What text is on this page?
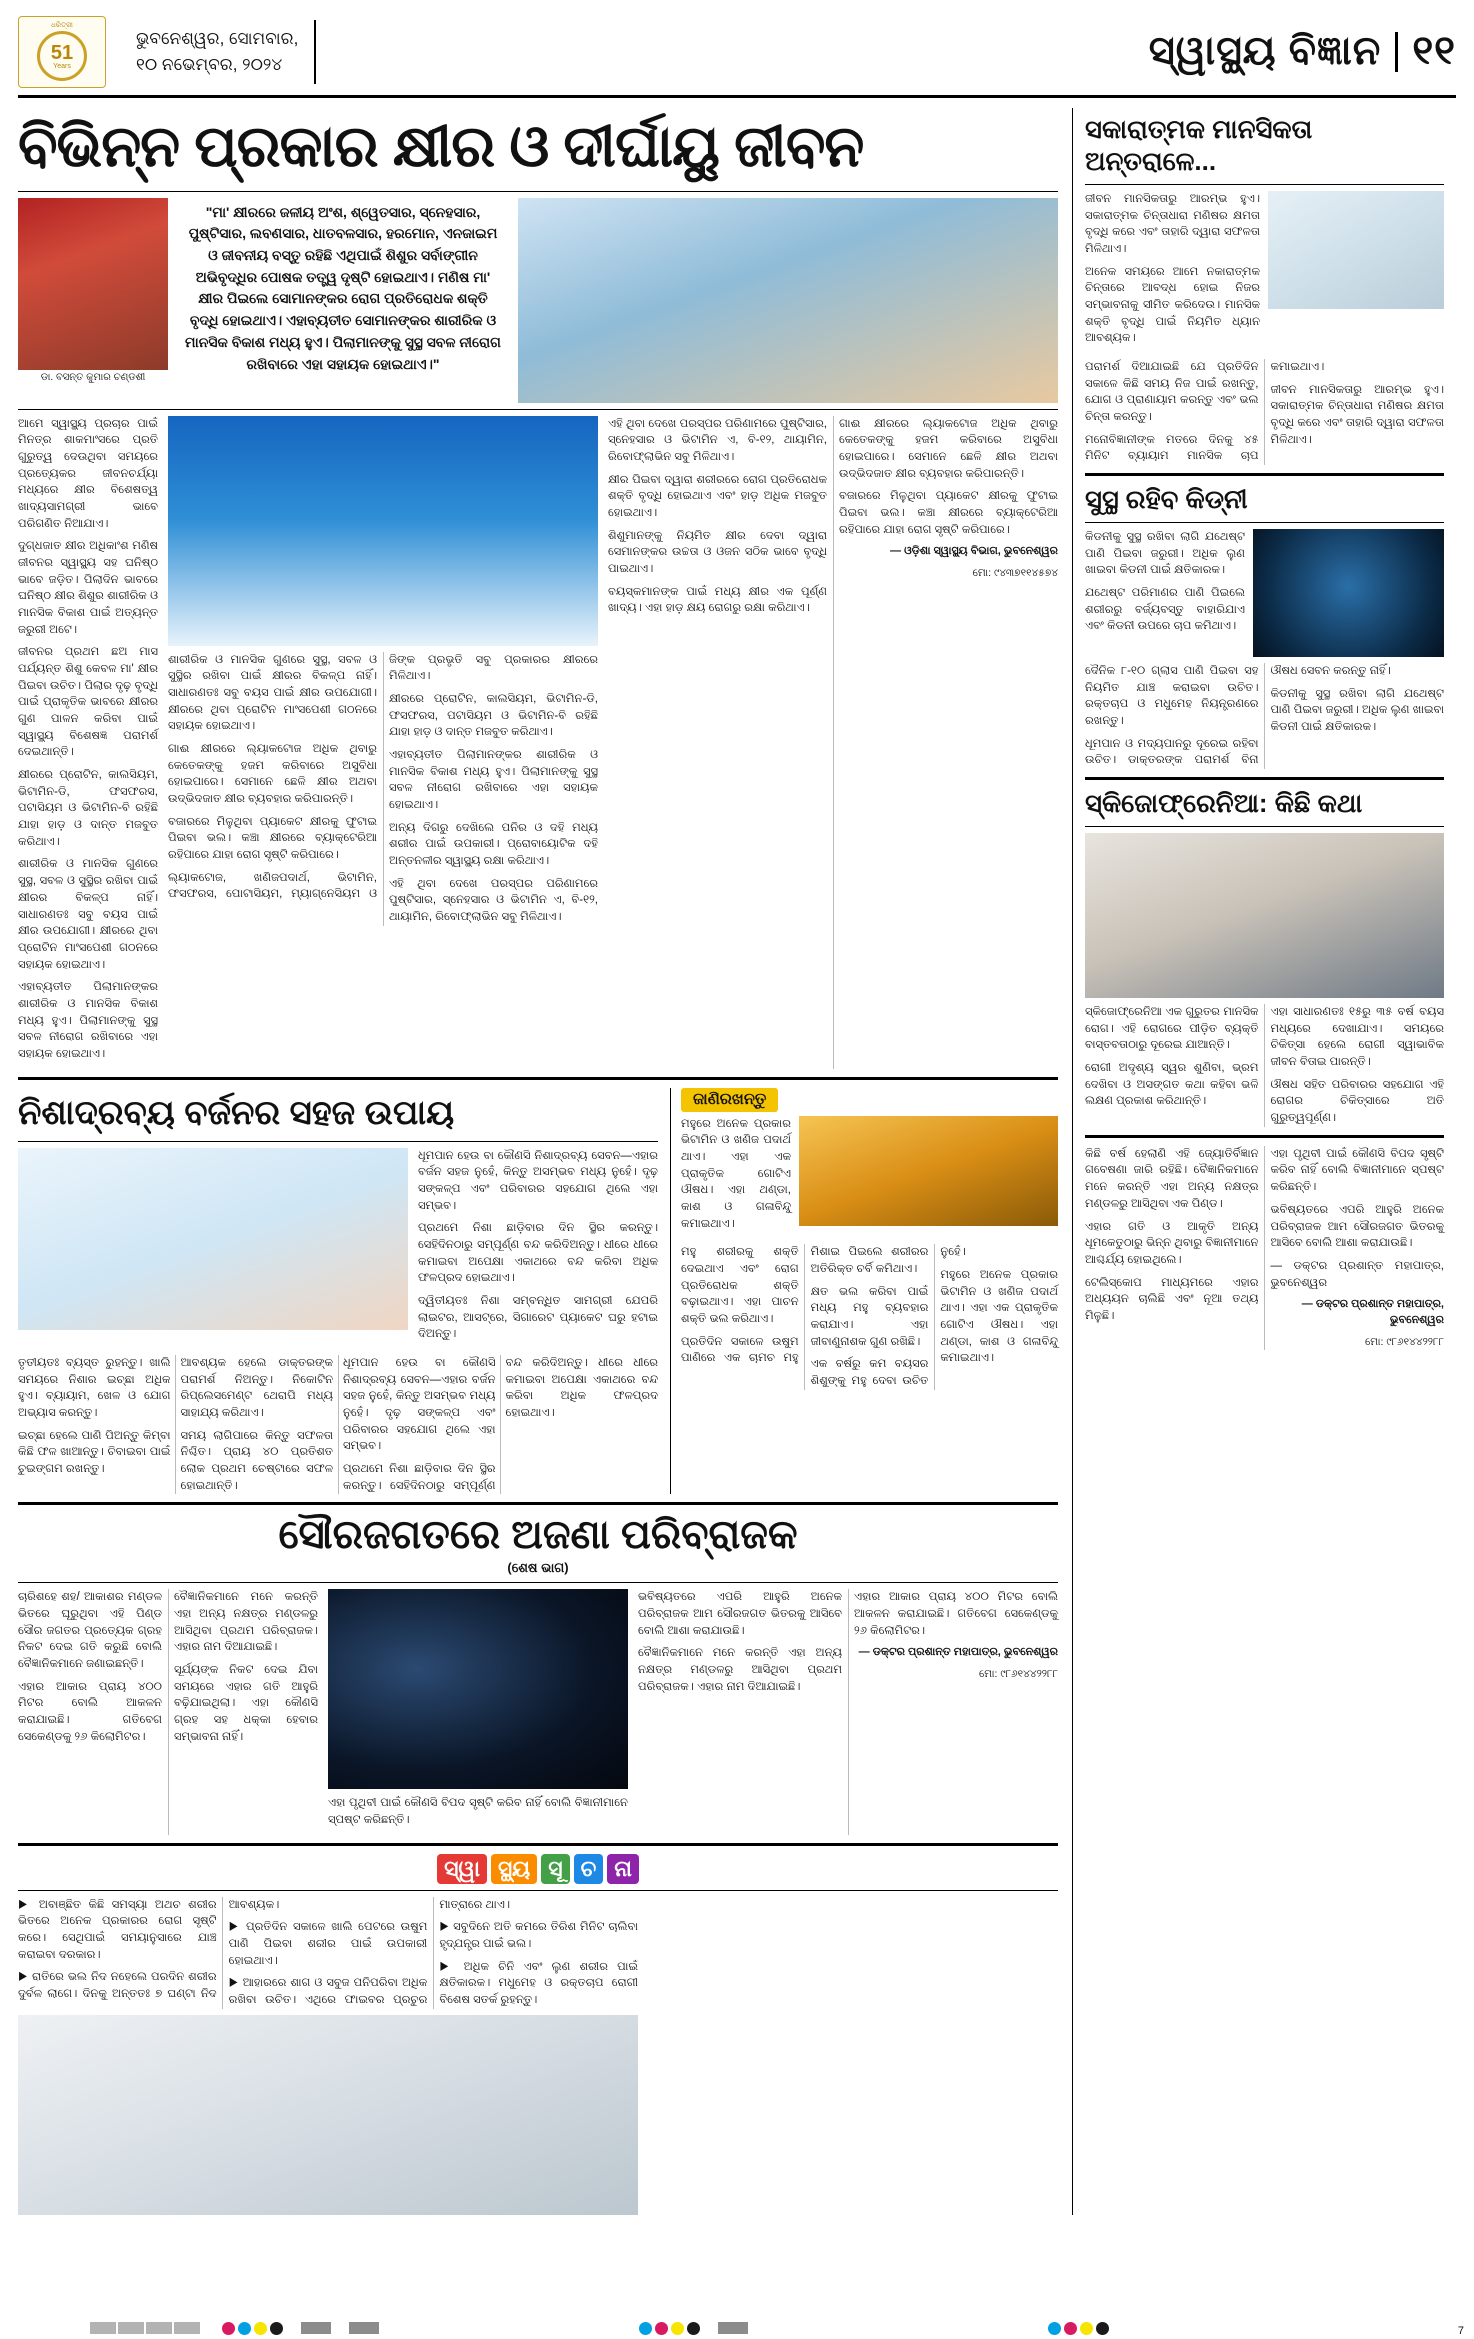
ଧରିତ୍ରୀ
51
Years
ଭୁବନେଶ୍ୱର, ସୋମବାର,
୧୦ ନଭେମ୍ବର, ୨୦୨୪	ସ୍ୱାସ୍ଥ୍ୟ ବିଜ୍ଞାନ ୧୧
ବିଭିନ୍ନ ପ୍ରକାର କ୍ଷୀର ଓ ଦୀର୍ଘାୟୁ ଜୀବନ
ଡା. ବସନ୍ତ କୁମାର ଚଣ୍ଡଶୀ
"ମା' କ୍ଷୀରରେ ଜଳୀୟ ଅଂଶ, ଶ୍ୱେତସାର, ସ୍ନେହସାର, ପୁଷ୍ଟିସାର, ଲବଣସାର, ଧାତବଳସାର, ହରମୋନ, ଏନଜାଇମ ଓ ଜୀବନୀୟ ବସ୍ତୁ ରହିଛି ଏଥିପାଇଁ ଶିଶୁର ସର୍ବାଙ୍ଗୀନ ଅଭିବୃଦ୍ଧିର ପୋଷକ ତତ୍ତ୍ୱ ଦୃଷ୍ଟି ହୋଇଥାଏ। ମଣିଷ ମା' କ୍ଷୀର ପିଇଲେ ସୋମାନଙ୍କର ରୋଗ ପ୍ରତିରୋଧକ ଶକ୍ତି ବୃଦ୍ଧି ହୋଇଥାଏ। ଏହାବ୍ୟତୀତ ସୋମାନଙ୍କର ଶାରୀରିକ ଓ ମାନସିକ ବିକାଶ ମଧ୍ୟ ହୁଏ। ପିଲାମାନଙ୍କୁ ସୁସ୍ଥ ସବଳ ନୀରୋଗ ରଖିବାରେ ଏହା ସହାୟକ ହୋଇଥାଏ।"

ଆମେ ସ୍ୱାସ୍ଥ୍ୟ ପ୍ରଚାର ପାଇଁ ମିନତ୍ର ଶାକମାଂସରେ ପ୍ରତି ଗୁରୁତ୍ୱ ଦେଉଥିବା ସମୟରେ ପ୍ରତ୍ୟେକର ଜୀବନଚର୍ଯ୍ୟା ମଧ୍ୟରେ କ୍ଷୀର ବିଶେଷତ୍ୱ ଖାଦ୍ୟସାମଗ୍ରୀ ଭାବେ ପରିଗଣିତ ନିଆଯାଏ।

ଦୁଗ୍ଧଜାତ କ୍ଷୀର ଅଧିକାଂଶ ମଣିଷ ଜୀବନର ସ୍ୱାସ୍ଥ୍ୟ ସହ ଘନିଷ୍ଠ ଭାବେ ଜଡ଼ିତ। ପିଲାଦିନ ଭାବରେ ଘନିଷ୍ଠ କ୍ଷୀର ଶିଶୁର ଶାରୀରିକ ଓ ମାନସିକ ବିକାଶ ପାଇଁ ଅତ୍ୟନ୍ତ ଜରୁରୀ ଅଟେ।

ଜୀବନର ପ୍ରଥମ ଛଅ ମାସ ପର୍ଯ୍ୟନ୍ତ ଶିଶୁ କେବଳ ମା' କ୍ଷୀର ପିଇବା ଉଚିତ। ପିଲାର ଦୃଢ଼ ବୃଦ୍ଧି ପାଇଁ ପ୍ରାକୃତିକ ଭାବରେ କ୍ଷୀରର ଗୁଣ ପାଳନ କରିବା ପାଇଁ ସ୍ୱାସ୍ଥ୍ୟ ବିଶେଷଜ୍ଞ ପରାମର୍ଶ ଦେଇଥାନ୍ତି।

କ୍ଷୀରରେ ପ୍ରୋଟିନ, କାଲସିୟମ, ଭିଟାମିନ-ଡି, ଫସଫରସ, ପଟାସିୟମ ଓ ଭିଟାମିନ-ବି ରହିଛି ଯାହା ହାଡ଼ ଓ ଦାନ୍ତ ମଜବୁତ କରିଥାଏ।

ଶାରୀରିକ ଓ ମାନସିକ ଗୁଣରେ ସୁସ୍ଥ, ସବଳ ଓ ସୁସ୍ଥିର ରଖିବା ପାଇଁ କ୍ଷୀରର ବିକଳ୍ପ ନାହିଁ। ସାଧାରଣତଃ ସବୁ ବୟସ ପାଇଁ କ୍ଷୀର ଉପଯୋଗୀ। କ୍ଷୀରରେ ଥିବା ପ୍ରୋଟିନ ମାଂସପେଶୀ ଗଠନରେ ସହାୟକ ହୋଇଥାଏ।

ଏହାବ୍ୟତୀତ ପିଲାମାନଙ୍କର ଶାରୀରିକ ଓ ମାନସିକ ବିକାଶ ମଧ୍ୟ ହୁଏ। ପିଲାମାନଙ୍କୁ ସୁସ୍ଥ ସବଳ ନୀରୋଗ ରଖିବାରେ ଏହା ସହାୟକ ହୋଇଥାଏ।

ଶାରୀରିକ ଓ ମାନସିକ ଗୁଣରେ ସୁସ୍ଥ, ସବଳ ଓ ସୁସ୍ଥିର ରଖିବା ପାଇଁ କ୍ଷୀରର ବିକଳ୍ପ ନାହିଁ। ସାଧାରଣତଃ ସବୁ ବୟସ ପାଇଁ କ୍ଷୀର ଉପଯୋଗୀ। କ୍ଷୀରରେ ଥିବା ପ୍ରୋଟିନ ମାଂସପେଶୀ ଗଠନରେ ସହାୟକ ହୋଇଥାଏ।

ଗାଈ କ୍ଷୀରରେ ଲ୍ୟାକଟୋଜ ଅଧିକ ଥିବାରୁ କେତେକଙ୍କୁ ହଜମ କରିବାରେ ଅସୁବିଧା ହୋଇପାରେ। ସେମାନେ ଛେଳି କ୍ଷୀର ଅଥବା ଉଦ୍ଭିଦଜାତ କ୍ଷୀର ବ୍ୟବହାର କରିପାରନ୍ତି।

ବଜାରରେ ମିଳୁଥିବା ପ୍ୟାକେଟ କ୍ଷୀରକୁ ଫୁଟାଇ ପିଇବା ଭଲ। କଞ୍ଚା କ୍ଷୀରରେ ବ୍ୟାକ୍ଟେରିଆ ରହିପାରେ ଯାହା ରୋଗ ସୃଷ୍ଟି କରିପାରେ।

ଲ୍ୟାକଟୋଜ, ଖଣିଜପଦାର୍ଥ, ଭିଟାମିନ, ଫସଫରସ, ପୋଟାସିୟମ, ମ୍ୟାଗ୍ନେସିୟମ ଓ ଜିଙ୍କ ପ୍ରଭୃତି ସବୁ ପ୍ରକାରର କ୍ଷୀରରେ ମିଳିଥାଏ।

କ୍ଷୀରରେ ପ୍ରୋଟିନ, କାଲସିୟମ, ଭିଟାମିନ-ଡି, ଫସଫରସ, ପଟାସିୟମ ଓ ଭିଟାମିନ-ବି ରହିଛି ଯାହା ହାଡ଼ ଓ ଦାନ୍ତ ମଜବୁତ କରିଥାଏ।

ଏହାବ୍ୟତୀତ ପିଲାମାନଙ୍କର ଶାରୀରିକ ଓ ମାନସିକ ବିକାଶ ମଧ୍ୟ ହୁଏ। ପିଲାମାନଙ୍କୁ ସୁସ୍ଥ ସବଳ ନୀରୋଗ ରଖିବାରେ ଏହା ସହାୟକ ହୋଇଥାଏ।

ଅନ୍ୟ ଦିଗରୁ ଦେଖିଲେ ପନିର ଓ ଦହି ମଧ୍ୟ ଶରୀର ପାଇଁ ଉପକାରୀ। ପ୍ରୋବାୟୋଟିକ ଦହି ଅନ୍ତନଳୀର ସ୍ୱାସ୍ଥ୍ୟ ରକ୍ଷା କରିଥାଏ।

ଏହି ଥିବା ଦେଖେ ପରସ୍ପର ପରିଣାମରେ ପୁଷ୍ଟିସାର, ସ୍ନେହସାର ଓ ଭିଟାମିନ ଏ, ବି-୧୨, ଥାୟାମିନ, ରିବୋଫ୍ଲାଭିନ ସବୁ ମିଳିଥାଏ।

ଏହି ଥିବା ଦେଖେ ପରସ୍ପର ପରିଣାମରେ ପୁଷ୍ଟିସାର, ସ୍ନେହସାର ଓ ଭିଟାମିନ ଏ, ବି-୧୨, ଥାୟାମିନ, ରିବୋଫ୍ଲାଭିନ ସବୁ ମିଳିଥାଏ।

କ୍ଷୀର ପିଇବା ଦ୍ୱାରା ଶରୀରରେ ରୋଗ ପ୍ରତିରୋଧକ ଶକ୍ତି ବୃଦ୍ଧି ହୋଇଥାଏ ଏବଂ ହାଡ଼ ଅଧିକ ମଜବୁତ ହୋଇଥାଏ।

ଶିଶୁମାନଙ୍କୁ ନିୟମିତ କ୍ଷୀର ଦେବା ଦ୍ୱାରା ସେମାନଙ୍କର ଉଚ୍ଚତା ଓ ଓଜନ ସଠିକ ଭାବେ ବୃଦ୍ଧି ପାଇଥାଏ।

ବୟସ୍କମାନଙ୍କ ପାଇଁ ମଧ୍ୟ କ୍ଷୀର ଏକ ପୂର୍ଣ୍ଣ ଖାଦ୍ୟ। ଏହା ହାଡ଼ କ୍ଷୟ ରୋଗରୁ ରକ୍ଷା କରିଥାଏ।

ଗାଈ କ୍ଷୀରରେ ଲ୍ୟାକଟୋଜ ଅଧିକ ଥିବାରୁ କେତେକଙ୍କୁ ହଜମ କରିବାରେ ଅସୁବିଧା ହୋଇପାରେ। ସେମାନେ ଛେଳି କ୍ଷୀର ଅଥବା ଉଦ୍ଭିଦଜାତ କ୍ଷୀର ବ୍ୟବହାର କରିପାରନ୍ତି।

ବଜାରରେ ମିଳୁଥିବା ପ୍ୟାକେଟ କ୍ଷୀରକୁ ଫୁଟାଇ ପିଇବା ଭଲ। କଞ୍ଚା କ୍ଷୀରରେ ବ୍ୟାକ୍ଟେରିଆ ରହିପାରେ ଯାହା ରୋଗ ସୃଷ୍ଟି କରିପାରେ।

— ଓଡ଼ିଶା ସ୍ୱାସ୍ଥ୍ୟ ବିଭାଗ, ଭୁବନେଶ୍ୱର

ମୋ: ୯୪୩୭୧୧୪୫୭୪

ନିଶାଦ୍ରବ୍ୟ ବର୍ଜନର ସହଜ ଉପାୟ

ଧୂମପାନ ହେଉ ବା କୌଣସି ନିଶାଦ୍ରବ୍ୟ ସେବନ—ଏହାର ବର୍ଜନ ସହଜ ନୁହେଁ, କିନ୍ତୁ ଅସମ୍ଭବ ମଧ୍ୟ ନୁହେଁ। ଦୃଢ଼ ସଙ୍କଳ୍ପ ଏବଂ ପରିବାରର ସହଯୋଗ ଥିଲେ ଏହା ସମ୍ଭବ।

ପ୍ରଥମେ ନିଶା ଛାଡ଼ିବାର ଦିନ ସ୍ଥିର କରନ୍ତୁ। ସେହିଦିନଠାରୁ ସମ୍ପୂର୍ଣ୍ଣ ବନ୍ଦ କରିଦିଅନ୍ତୁ। ଧୀରେ ଧୀରେ କମାଇବା ଅପେକ୍ଷା ଏକାଥରେ ବନ୍ଦ କରିବା ଅଧିକ ଫଳପ୍ରଦ ହୋଇଥାଏ।

ଦ୍ୱିତୀୟତଃ ନିଶା ସମ୍ବନ୍ଧିତ ସାମଗ୍ରୀ ଯେପରି ଲାଇଟର, ଆସଟ୍ରେ, ସିଗାରେଟ ପ୍ୟାକେଟ ଘରୁ ହଟାଇ ଦିଅନ୍ତୁ।

ତୃତୀୟତଃ ବ୍ୟସ୍ତ ରୁହନ୍ତୁ। ଖାଲି ସମୟରେ ନିଶାର ଇଚ୍ଛା ଅଧିକ ହୁଏ। ବ୍ୟାୟାମ, ଖେଳ ଓ ଯୋଗ ଅଭ୍ୟାସ କରନ୍ତୁ।

ଇଚ୍ଛା ହେଲେ ପାଣି ପିଅନ୍ତୁ କିମ୍ବା କିଛି ଫଳ ଖାଆନ୍ତୁ। ଚିବାଇବା ପାଇଁ ଚୁଇଙ୍ଗମ ରଖନ୍ତୁ।

ଆବଶ୍ୟକ ହେଲେ ଡାକ୍ତରଙ୍କ ପରାମର୍ଶ ନିଅନ୍ତୁ। ନିକୋଟିନ ରିପ୍ଲେସମେଣ୍ଟ ଥେରାପି ମଧ୍ୟ ସାହାଯ୍ୟ କରିଥାଏ।

ସମୟ ଲାଗିପାରେ କିନ୍ତୁ ସଫଳତା ନିଶ୍ଚିତ। ପ୍ରାୟ ୪୦ ପ୍ରତିଶତ ଲୋକ ପ୍ରଥମ ଚେଷ୍ଟାରେ ସଫଳ ହୋଇଥାନ୍ତି।

ଧୂମପାନ ହେଉ ବା କୌଣସି ନିଶାଦ୍ରବ୍ୟ ସେବନ—ଏହାର ବର୍ଜନ ସହଜ ନୁହେଁ, କିନ୍ତୁ ଅସମ୍ଭବ ମଧ୍ୟ ନୁହେଁ। ଦୃଢ଼ ସଙ୍କଳ୍ପ ଏବଂ ପରିବାରର ସହଯୋଗ ଥିଲେ ଏହା ସମ୍ଭବ।

ପ୍ରଥମେ ନିଶା ଛାଡ଼ିବାର ଦିନ ସ୍ଥିର କରନ୍ତୁ। ସେହିଦିନଠାରୁ ସମ୍ପୂର୍ଣ୍ଣ ବନ୍ଦ କରିଦିଅନ୍ତୁ। ଧୀରେ ଧୀରେ କମାଇବା ଅପେକ୍ଷା ଏକାଥରେ ବନ୍ଦ କରିବା ଅଧିକ ଫଳପ୍ରଦ ହୋଇଥାଏ।

ଜାଣିରଖନ୍ତୁ

ମହୁରେ ଅନେକ ପ୍ରକାର ଭିଟାମିନ ଓ ଖଣିଜ ପଦାର୍ଥ ଥାଏ। ଏହା ଏକ ପ୍ରାକୃତିକ ଗୋଟିଏ ଔଷଧ। ଏହା ଥଣ୍ଡା, କାଶ ଓ ଗଳାବିନ୍ଦୁ କମାଇଥାଏ।

ମହୁ ଶରୀରକୁ ଶକ୍ତି ଦେଇଥାଏ ଏବଂ ରୋଗ ପ୍ରତିରୋଧକ ଶକ୍ତି ବଢ଼ାଇଥାଏ। ଏହା ପାଚନ ଶକ୍ତି ଭଲ କରିଥାଏ।

ପ୍ରତିଦିନ ସକାଳେ ଉଷୁମ ପାଣିରେ ଏକ ଚାମଚ ମହୁ ମିଶାଇ ପିଇଲେ ଶରୀରର ଅତିରିକ୍ତ ଚର୍ବି କମିଥାଏ।

କ୍ଷତ ଭଲ କରିବା ପାଇଁ ମଧ୍ୟ ମହୁ ବ୍ୟବହାର କରାଯାଏ। ଏହା ଜୀବାଣୁନାଶକ ଗୁଣ ରଖିଛି।

ଏକ ବର୍ଷରୁ କମ ବୟସର ଶିଶୁଙ୍କୁ ମହୁ ଦେବା ଉଚିତ ନୁହେଁ।

ମହୁରେ ଅନେକ ପ୍ରକାର ଭିଟାମିନ ଓ ଖଣିଜ ପଦାର୍ଥ ଥାଏ। ଏହା ଏକ ପ୍ରାକୃତିକ ଗୋଟିଏ ଔଷଧ। ଏହା ଥଣ୍ଡା, କାଶ ଓ ଗଳାବିନ୍ଦୁ କମାଇଥାଏ।

ସୌରଜଗତରେ ଅଜଣା ପରିବ୍ରାଜକ
(ଶେଷ ଭାଗ)

ଚାରିଶହେ ଶହ/ ଆକାଶର ମଣ୍ଡଳ ଭିତରେ ଘୂରୁଥିବା ଏହି ପିଣ୍ଡ ସୌର ଜଗତର ପ୍ରତ୍ୟେକ ଗ୍ରହ ନିକଟ ଦେଇ ଗତି କରୁଛି ବୋଲି ବୈଜ୍ଞାନିକମାନେ ଜଣାଇଛନ୍ତି।

ଏହାର ଆକାର ପ୍ରାୟ ୪୦୦ ମିଟର ବୋଲି ଆକଳନ କରାଯାଇଛି। ଗତିବେଗ ସେକେଣ୍ଡକୁ ୨୬ କିଲୋମିଟର।

ବୈଜ୍ଞାନିକମାନେ ମନେ କରନ୍ତି ଏହା ଅନ୍ୟ ନକ୍ଷତ୍ର ମଣ୍ଡଳରୁ ଆସିଥିବା ପ୍ରଥମ ପରିବ୍ରାଜକ। ଏହାର ନାମ ଦିଆଯାଇଛି।

ସୂର୍ଯ୍ୟଙ୍କ ନିକଟ ଦେଇ ଯିବା ସମୟରେ ଏହାର ଗତି ଆହୁରି ବଢ଼ିଯାଇଥିଲା। ଏହା କୌଣସି ଗ୍ରହ ସହ ଧକ୍କା ହେବାର ସମ୍ଭାବନା ନାହିଁ।

ଏହା ପୃଥିବୀ ପାଇଁ କୌଣସି ବିପଦ ସୃଷ୍ଟି କରିବ ନାହିଁ ବୋଲି ବିଜ୍ଞାନୀମାନେ ସ୍ପଷ୍ଟ କରିଛନ୍ତି।

ଭବିଷ୍ୟତରେ ଏପରି ଆହୁରି ଅନେକ ପରିବ୍ରାଜକ ଆମ ସୌରଜଗତ ଭିତରକୁ ଆସିବେ ବୋଲି ଆଶା କରାଯାଉଛି।

ବୈଜ୍ଞାନିକମାନେ ମନେ କରନ୍ତି ଏହା ଅନ୍ୟ ନକ୍ଷତ୍ର ମଣ୍ଡଳରୁ ଆସିଥିବା ପ୍ରଥମ ପରିବ୍ରାଜକ। ଏହାର ନାମ ଦିଆଯାଇଛି।

ଏହାର ଆକାର ପ୍ରାୟ ୪୦୦ ମିଟର ବୋଲି ଆକଳନ କରାଯାଇଛି। ଗତିବେଗ ସେକେଣ୍ଡକୁ ୨୬ କିଲୋମିଟର।

— ଡକ୍ଟର ପ୍ରଶାନ୍ତ ମହାପାତ୍ର, ଭୁବନେଶ୍ୱର

ମୋ: ୯୮୬୧୪୪୨୨୮୮

ସ୍ୱା ସ୍ଥ୍ୟ ସୂ ଚ ନା

▶ ଅବାଞ୍ଛିତ କିଛି ସମସ୍ୟା ଅଥଚ ଶରୀର ଭିତରେ ଅନେକ ପ୍ରକାରର ରୋଗ ସୃଷ୍ଟି କରେ। ସେଥିପାଇଁ ସମୟାନୁସାରେ ଯାଞ୍ଚ କରାଇବା ଦରକାର।

▶ ରାତିରେ ଭଲ ନିଦ ନହେଲେ ପରଦିନ ଶରୀର ଦୁର୍ବଳ ଲାଗେ। ଦିନକୁ ଅନ୍ତତଃ ୭ ଘଣ୍ଟା ନିଦ ଆବଶ୍ୟକ।

▶ ପ୍ରତିଦିନ ସକାଳେ ଖାଲି ପେଟରେ ଉଷୁମ ପାଣି ପିଇବା ଶରୀର ପାଇଁ ଉପକାରୀ ହୋଇଥାଏ।

▶ ଆହାରରେ ଶାଗ ଓ ସବୁଜ ପନିପରିବା ଅଧିକ ରଖିବା ଉଚିତ। ଏଥିରେ ଫାଇବର ପ୍ରଚୁର ମାତ୍ରାରେ ଥାଏ।

▶ ସବୁଦିନେ ଅତି କମରେ ତିରିଶ ମିନିଟ ଚାଲିବା ହୃଦ୍‌ଯନ୍ତ୍ର ପାଇଁ ଭଲ।

▶ ଅଧିକ ଚିନି ଏବଂ ଲୁଣ ଶରୀର ପାଇଁ କ୍ଷତିକାରକ। ମଧୁମେହ ଓ ରକ୍ତଚାପ ରୋଗୀ ବିଶେଷ ସତର୍କ ରୁହନ୍ତୁ।

ସକାରାତ୍ମକ ମାନସିକତା ଅନ୍ତରାଳେ...

ଜୀବନ ମାନସିକତାରୁ ଆରମ୍ଭ ହୁଏ। ସକାରାତ୍ମକ ଚିନ୍ତାଧାରା ମଣିଷର କ୍ଷମତା ବୃଦ୍ଧି କରେ ଏବଂ ତାହାରି ଦ୍ୱାରା ସଫଳତା ମିଳିଥାଏ।

ଅନେକ ସମୟରେ ଆମେ ନକାରାତ୍ମକ ଚିନ୍ତାରେ ଆବଦ୍ଧ ହୋଇ ନିଜର ସମ୍ଭାବନାକୁ ସୀମିତ କରିଦେଉ। ମାନସିକ ଶକ୍ତି ବୃଦ୍ଧି ପାଇଁ ନିୟମିତ ଧ୍ୟାନ ଆବଶ୍ୟକ।

ପରାମର୍ଶ ଦିଆଯାଇଛି ଯେ ପ୍ରତିଦିନ ସକାଳେ କିଛି ସମୟ ନିଜ ପାଇଁ ରଖନ୍ତୁ, ଯୋଗ ଓ ପ୍ରାଣାୟାମ କରନ୍ତୁ ଏବଂ ଭଲ ଚିନ୍ତା କରନ୍ତୁ।

ମନୋବିଜ୍ଞାନୀଙ୍କ ମତରେ ଦିନକୁ ୪୫ ମିନିଟ ବ୍ୟାୟାମ ମାନସିକ ଚାପ କମାଇଥାଏ।

ଜୀବନ ମାନସିକତାରୁ ଆରମ୍ଭ ହୁଏ। ସକାରାତ୍ମକ ଚିନ୍ତାଧାରା ମଣିଷର କ୍ଷମତା ବୃଦ୍ଧି କରେ ଏବଂ ତାହାରି ଦ୍ୱାରା ସଫଳତା ମିଳିଥାଏ।

ସୁସ୍ଥ ରହିବ କିଡ୍‌ନୀ

କିଡନୀକୁ ସୁସ୍ଥ ରଖିବା ଲାଗି ଯଥେଷ୍ଟ ପାଣି ପିଇବା ଜରୁରୀ। ଅଧିକ ଲୁଣ ଖାଇବା କିଡନୀ ପାଇଁ କ୍ଷତିକାରକ।

ଯଥେଷ୍ଟ ପରିମାଣର ପାଣି ପିଇଲେ ଶରୀରରୁ ବର୍ଜ୍ୟବସ୍ତୁ ବାହାରିଯାଏ ଏବଂ କିଡନୀ ଉପରେ ଚାପ କମିଥାଏ।

ଦୈନିକ ୮-୧୦ ଗ୍ଲାସ ପାଣି ପିଇବା ସହ ନିୟମିତ ଯାଞ୍ଚ କରାଇବା ଉଚିତ। ରକ୍ତଚାପ ଓ ମଧୁମେହ ନିୟନ୍ତ୍ରଣରେ ରଖନ୍ତୁ।

ଧୂମପାନ ଓ ମଦ୍ୟପାନରୁ ଦୂରେଇ ରହିବା ଉଚିତ। ଡାକ୍ତରଙ୍କ ପରାମର୍ଶ ବିନା ଔଷଧ ସେବନ କରନ୍ତୁ ନାହିଁ।

କିଡନୀକୁ ସୁସ୍ଥ ରଖିବା ଲାଗି ଯଥେଷ୍ଟ ପାଣି ପିଇବା ଜରୁରୀ। ଅଧିକ ଲୁଣ ଖାଇବା କିଡନୀ ପାଇଁ କ୍ଷତିକାରକ।

ସ୍କିଜୋଫ୍ରେନିଆ: କିଛି କଥା

ସ୍କିଜୋଫ୍ରେନିଆ ଏକ ଗୁରୁତର ମାନସିକ ରୋଗ। ଏହି ରୋଗରେ ପୀଡ଼ିତ ବ୍ୟକ୍ତି ବାସ୍ତବତାଠାରୁ ଦୂରେଇ ଯାଆନ୍ତି।

ରୋଗୀ ଅଦୃଶ୍ୟ ସ୍ୱର ଶୁଣିବା, ଭ୍ରମ ଦେଖିବା ଓ ଅସଙ୍ଗତ କଥା କହିବା ଭଳି ଲକ୍ଷଣ ପ୍ରକାଶ କରିଥାନ୍ତି।

ଏହା ସାଧାରଣତଃ ୧୫ରୁ ୩୫ ବର୍ଷ ବୟସ ମଧ୍ୟରେ ଦେଖାଯାଏ। ସମୟରେ ଚିକିତ୍ସା ହେଲେ ରୋଗୀ ସ୍ୱାଭାବିକ ଜୀବନ ବିତାଇ ପାରନ୍ତି।

ଔଷଧ ସହିତ ପରିବାରର ସହଯୋଗ ଏହି ରୋଗର ଚିକିତ୍ସାରେ ଅତି ଗୁରୁତ୍ୱପୂର୍ଣ୍ଣ।

କିଛି ବର୍ଷ ହେଲାଣି ଏହି ଜ୍ୟୋତିର୍ବିଜ୍ଞାନ ଗବେଷଣା ଜାରି ରହିଛି। ବୈଜ୍ଞାନିକମାନେ ମନେ କରନ୍ତି ଏହା ଅନ୍ୟ ନକ୍ଷତ୍ର ମଣ୍ଡଳରୁ ଆସିଥିବା ଏକ ପିଣ୍ଡ।

ଏହାର ଗତି ଓ ଆକୃତି ଅନ୍ୟ ଧୂମକେତୁଠାରୁ ଭିନ୍ନ ଥିବାରୁ ବିଜ୍ଞାନୀମାନେ ଆଶ୍ଚର୍ଯ୍ୟ ହୋଇଥିଲେ।

ଟେଲିସ୍କୋପ ମାଧ୍ୟମରେ ଏହାର ଅଧ୍ୟୟନ ଚାଲିଛି ଏବଂ ନୂଆ ତଥ୍ୟ ମିଳୁଛି।

ଏହା ପୃଥିବୀ ପାଇଁ କୌଣସି ବିପଦ ସୃଷ୍ଟି କରିବ ନାହିଁ ବୋଲି ବିଜ୍ଞାନୀମାନେ ସ୍ପଷ୍ଟ କରିଛନ୍ତି।

ଭବିଷ୍ୟତରେ ଏପରି ଆହୁରି ଅନେକ ପରିବ୍ରାଜକ ଆମ ସୌରଜଗତ ଭିତରକୁ ଆସିବେ ବୋଲି ଆଶା କରାଯାଉଛି।

— ଡକ୍ଟର ପ୍ରଶାନ୍ତ ମହାପାତ୍ର, ଭୁବନେଶ୍ୱର

— ଡକ୍ଟର ପ୍ରଶାନ୍ତ ମହାପାତ୍ର, ଭୁବନେଶ୍ୱର

ମୋ: ୯୮୬୧୪୪୨୨୮୮

7
